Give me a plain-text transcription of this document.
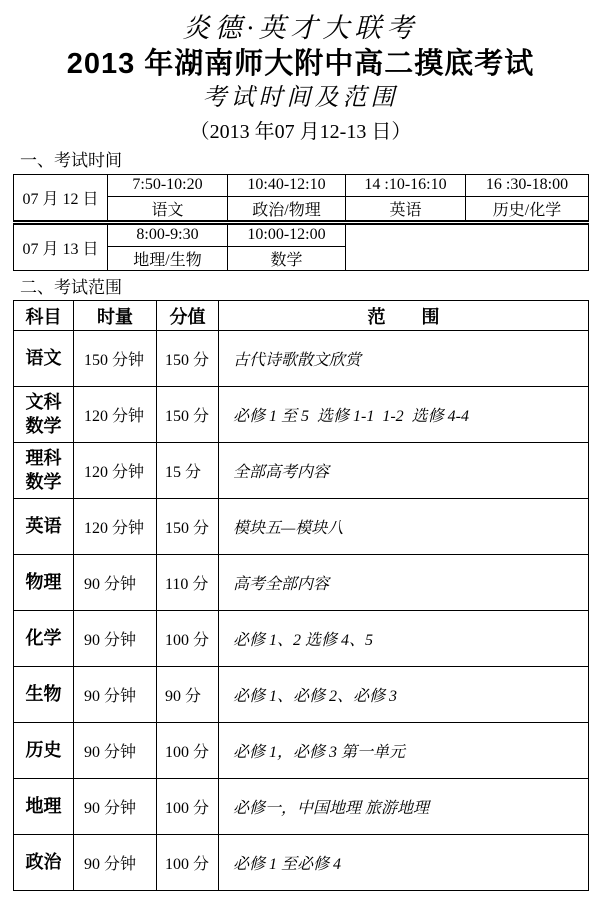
炎德·英才大联考
2013 年湖南师大附中高二摸底考试
考试时间及范围
（2013 年07 月12-13 日）
一、考试时间
07 月 12 日	7:50-10:20	10:40-12:10	14 :10-16:10	16 :30-18:00
	语文	政治/物理	英语	历史/化学
07 月 13 日	8:00-9:30	10:00-12:00		
	地理/生物	数学		
二、考试范围
科目	时量	分值	范　　围
语文	150 分钟	150 分	古代诗歌散文欣赏
文科数学	120 分钟	150 分	必修 1 至 5  选修 1-1  1-2  选修 4-4
理科数学	120 分钟	15 分	全部高考内容
英语	120 分钟	150 分	模块五—模块八
物理	90 分钟	110 分	高考全部内容
化学	90 分钟	100 分	必修 1、2 选修 4、5
生物	90 分钟	90 分	必修 1、必修 2、必修 3
历史	90 分钟	100 分	必修 1，必修 3 第一单元
地理	90 分钟	100 分	必修一，中国地理 旅游地理
政治	90 分钟	100 分	必修 1 至必修 4
